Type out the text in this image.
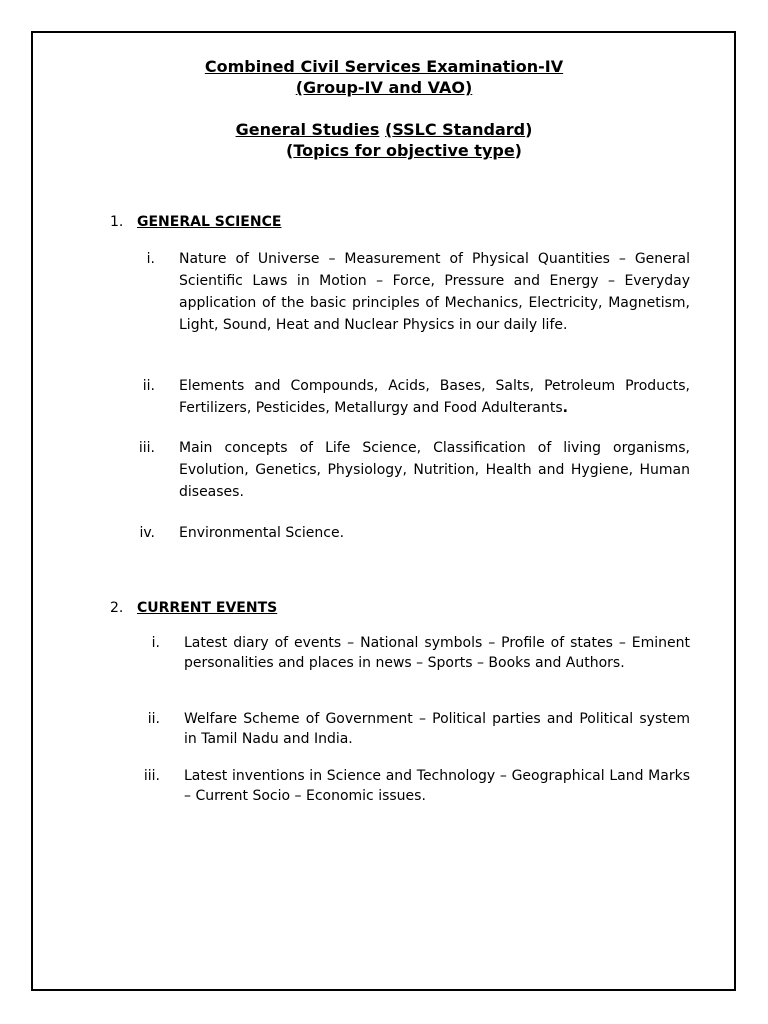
Combined Civil Services Examination-IV
(Group-IV and VAO)
General Studies (SSLC Standard)
(Topics for objective type)
1. GENERAL SCIENCE
i. Nature of Universe – Measurement of Physical Quantities – General Scientific Laws in Motion – Force, Pressure and Energy – Everyday application of the basic principles of Mechanics, Electricity, Magnetism, Light, Sound, Heat and Nuclear Physics in our daily life.
ii. Elements and Compounds, Acids, Bases, Salts, Petroleum Products, Fertilizers, Pesticides, Metallurgy and Food Adulterants.
iii. Main concepts of Life Science, Classification of living organisms, Evolution, Genetics, Physiology, Nutrition, Health and Hygiene, Human diseases.
iv. Environmental Science.
2. CURRENT EVENTS
i. Latest diary of events – National symbols – Profile of states – Eminent personalities and places in news – Sports – Books and Authors.
ii. Welfare Scheme of Government – Political parties and Political system in Tamil Nadu and India.
iii. Latest inventions in Science and Technology – Geographical Land Marks – Current Socio – Economic issues.
